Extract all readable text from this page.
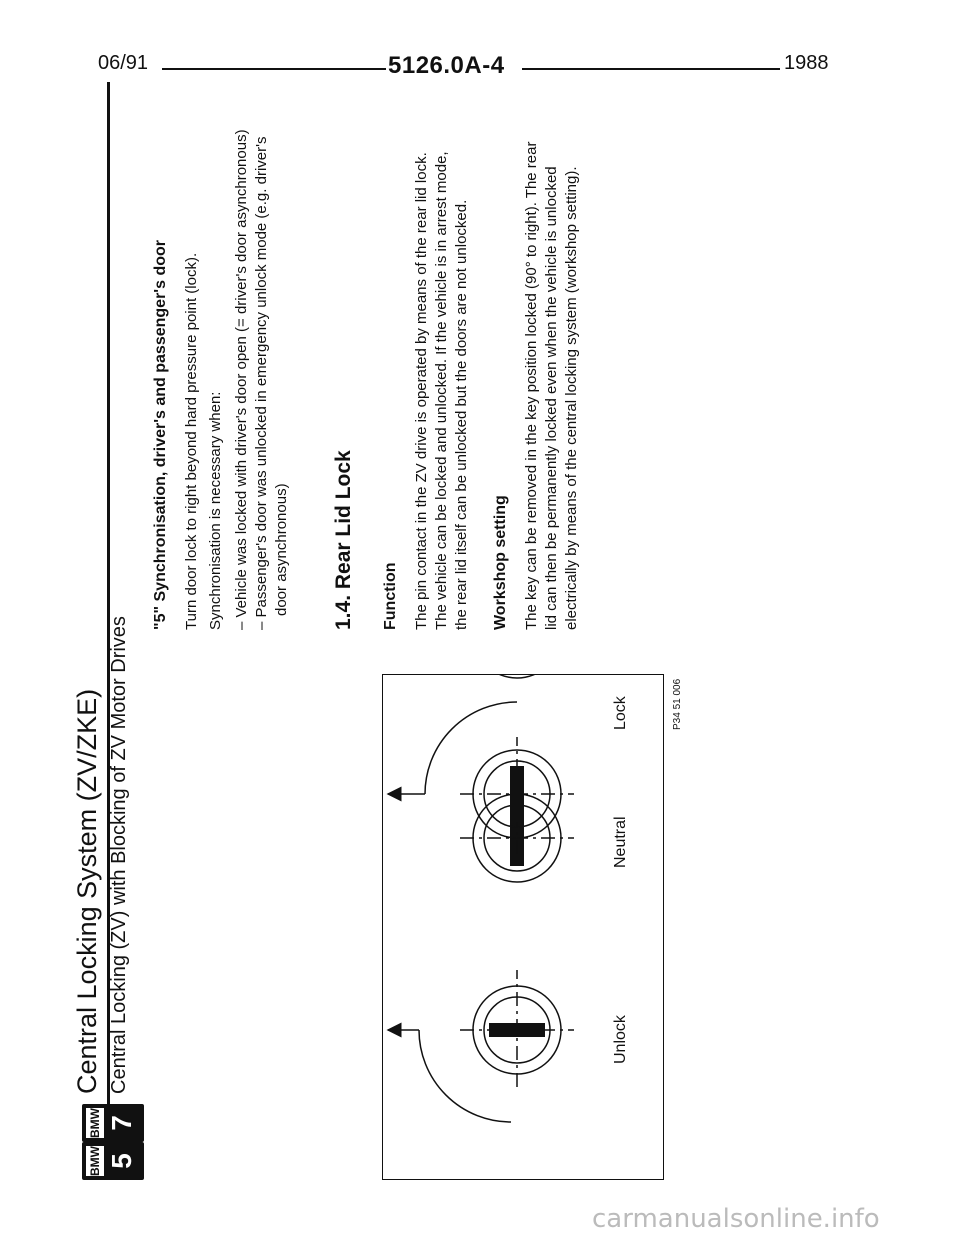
06/91	5126.0A-4	1988
BMW 5
BMW 7
Central Locking System (ZV/ZKE) Central Locking (ZV) with Blocking of ZV Motor Drives
"5" Synchronisation, driver's and passenger's door Turn door lock to right beyond hard pressure point (lock). Synchronisation is necessary when: – Vehicle was locked with driver's door open (= driver's door asynchronous) – Passenger's door was unlocked in emergency unlock mode (e.g. driver's door asynchronous) 1.4. Rear Lid Lock Function The pin contact in the ZV drive is operated by means of the rear lid lock. The vehicle can be locked and unlocked. If the vehicle is in arrest mode, the rear lid itself can be unlocked but the doors are not unlocked. Workshop setting The key can be removed in the key position locked (90° to right). The rear lid can then be permanently locked even when the vehicle is unlocked electrically by means of the central locking system (workshop setting).
Unlock
Neutral
Lock	P34 51 006
carmanualsonline.info
